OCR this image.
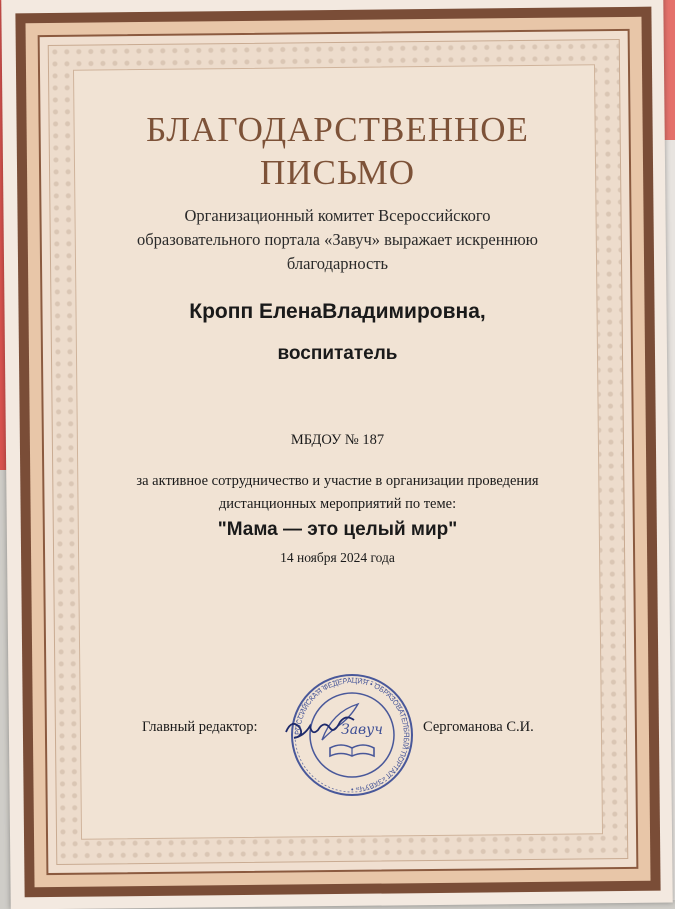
БЛАГОДАРСТВЕННОЕ
ПИСЬМО
Организационный комитет Всероссийского
образовательного портала «Завуч» выражает искреннюю
благодарность
Кропп ЕленаВладимировна,
воспитатель
МБДОУ № 187
за активное сотрудничество и участие в организации проведения
дистанционных мероприятий по теме:
"Мама — это целый мир"
14 ноября 2024 года
Главный редактор:	Сергоманова С.И.
РОССИЙСКАЯ ФЕДЕРАЦИЯ • ОБРАЗОВАТЕЛЬНЫЙ ПОРТАЛ «ЗАВУЧ» •
Завуч
